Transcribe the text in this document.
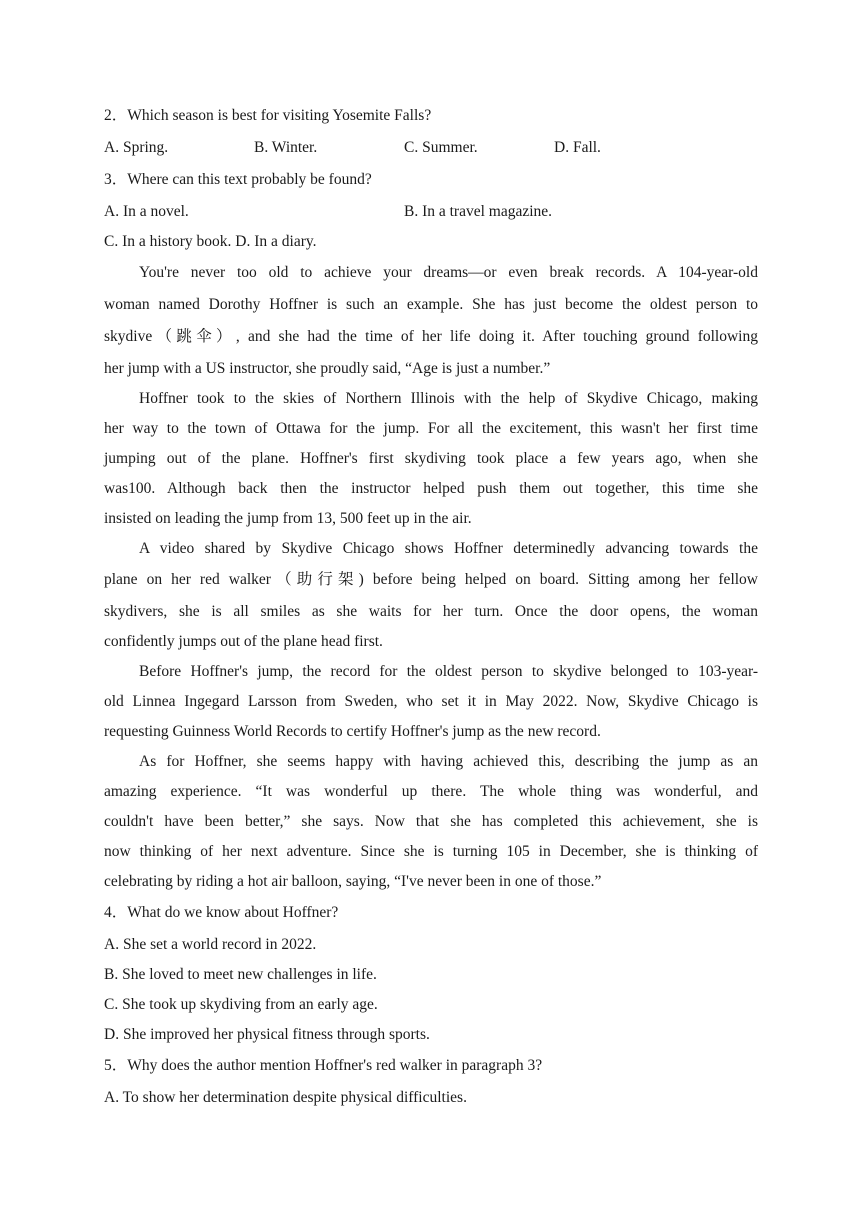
2．Which season is best for visiting Yosemite Falls?
A. Spring.	B. Winter.	C. Summer.	D. Fall.
3．Where can this text probably be found?
A. In a novel.	B. In a travel magazine.
C. In a history book. D. In a diary.
You're never too old to achieve your dreams—or even break records. A 104-year-old
woman named Dorothy Hoffner is such an example. She has just become the oldest person to
skydive（跳伞）, and she had the time of her life doing it. After touching ground following
her jump with a US instructor, she proudly said, “Age is just a number.”
Hoffner took to the skies of Northern Illinois with the help of Skydive Chicago, making
her way to the town of Ottawa for the jump. For all the excitement, this wasn't her first time
jumping out of the plane. Hoffner's first skydiving took place a few years ago, when she
was100. Although back then the instructor helped push them out together, this time she
insisted on leading the jump from 13, 500 feet up in the air.
A video shared by Skydive Chicago shows Hoffner determinedly advancing towards the
plane on her red walker（助行架) before being helped on board. Sitting among her fellow
skydivers, she is all smiles as she waits for her turn. Once the door opens, the woman
confidently jumps out of the plane head first.
Before Hoffner's jump, the record for the oldest person to skydive belonged to 103-year-
old Linnea Ingegard Larsson from Sweden, who set it in May 2022. Now, Skydive Chicago is
requesting Guinness World Records to certify Hoffner's jump as the new record.
As for Hoffner, she seems happy with having achieved this, describing the jump as an
amazing experience. “It was wonderful up there. The whole thing was wonderful, and
couldn't have been better,” she says. Now that she has completed this achievement, she is
now thinking of her next adventure. Since she is turning 105 in December, she is thinking of
celebrating by riding a hot air balloon, saying, “I've never been in one of those.”
4．What do we know about Hoffner?
A. She set a world record in 2022.
B. She loved to meet new challenges in life.
C. She took up skydiving from an early age.
D. She improved her physical fitness through sports.
5．Why does the author mention Hoffner's red walker in paragraph 3?
A. To show her determination despite physical difficulties.
